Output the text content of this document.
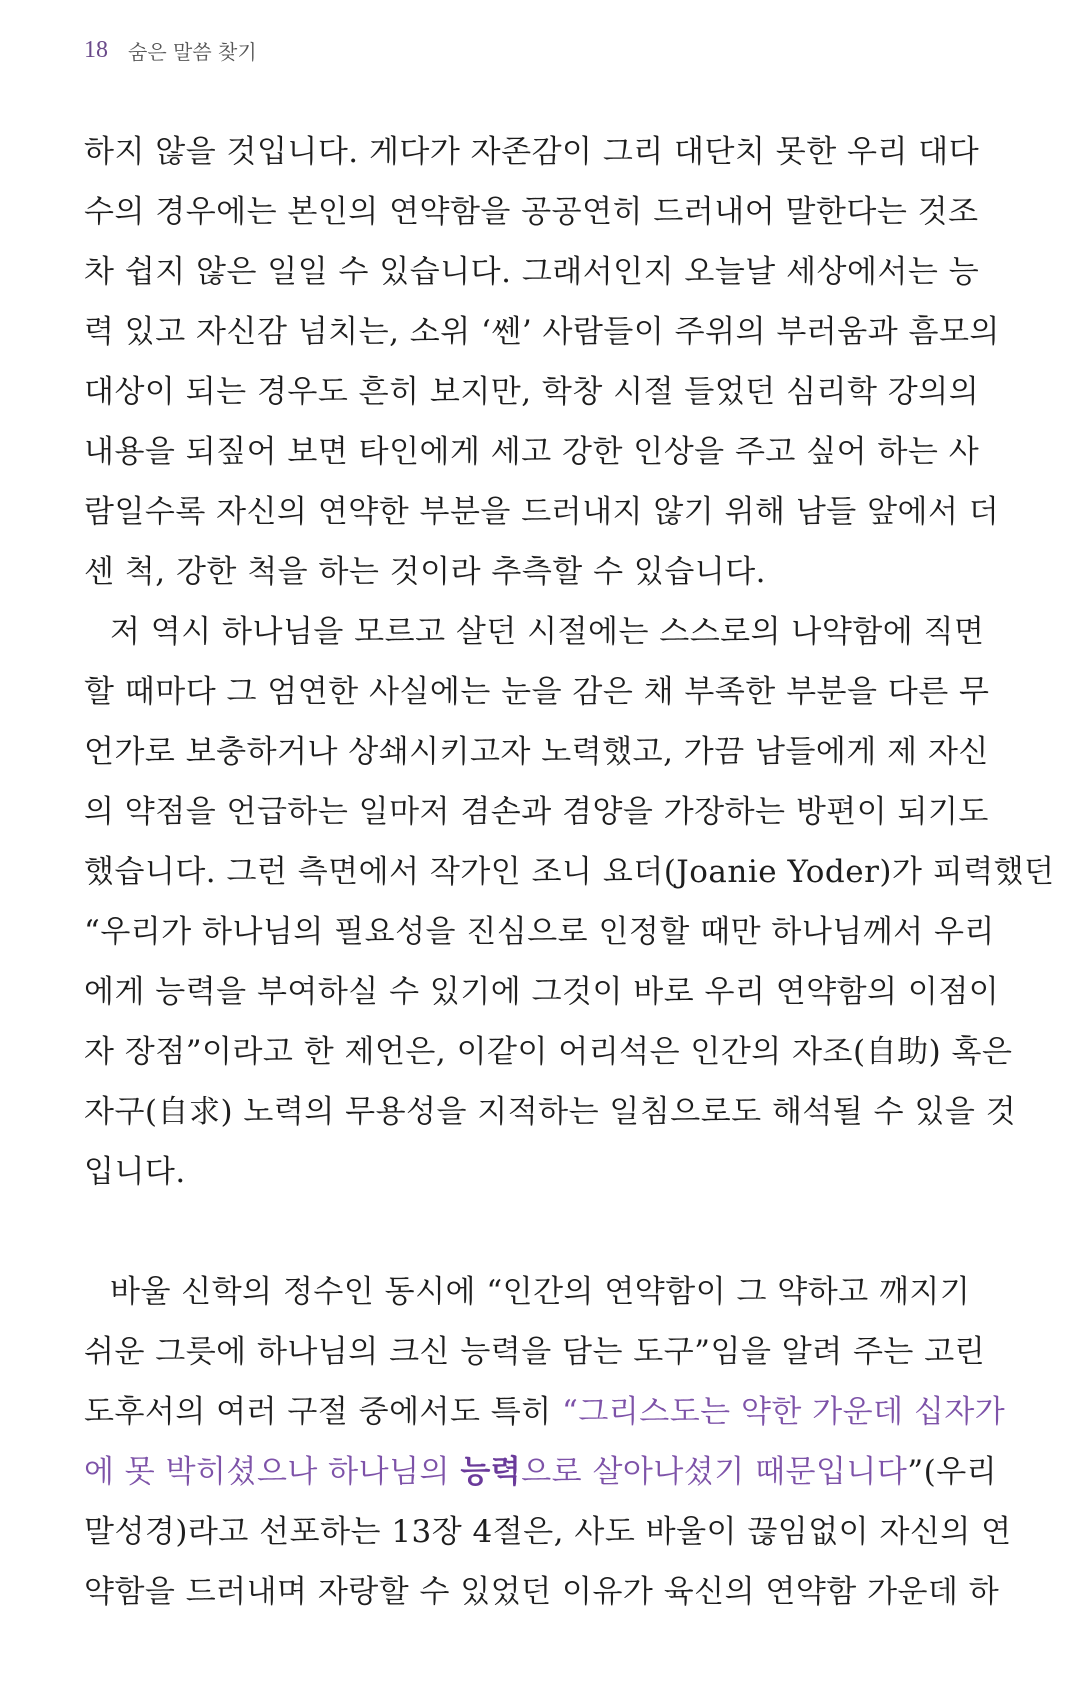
18 숨은 말씀 찾기
하지 않을 것입니다. 게다가 자존감이 그리 대단치 못한 우리 대다
수의 경우에는 본인의 연약함을 공공연히 드러내어 말한다는 것조
차 쉽지 않은 일일 수 있습니다. 그래서인지 오늘날 세상에서는 능
력 있고 자신감 넘치는, 소위 ‘쎈’ 사람들이 주위의 부러움과 흠모의
대상이 되는 경우도 흔히 보지만, 학창 시절 들었던 심리학 강의의
내용을 되짚어 보면 타인에게 세고 강한 인상을 주고 싶어 하는 사
람일수록 자신의 연약한 부분을 드러내지 않기 위해 남들 앞에서 더
센 척, 강한 척을 하는 것이라 추측할 수 있습니다.
저 역시 하나님을 모르고 살던 시절에는 스스로의 나약함에 직면
할 때마다 그 엄연한 사실에는 눈을 감은 채 부족한 부분을 다른 무
언가로 보충하거나 상쇄시키고자 노력했고, 가끔 남들에게 제 자신
의 약점을 언급하는 일마저 겸손과 겸양을 가장하는 방편이 되기도
했습니다. 그런 측면에서 작가인 조니 요더(Joanie Yoder)가 피력했던
“우리가 하나님의 필요성을 진심으로 인정할 때만 하나님께서 우리
에게 능력을 부여하실 수 있기에 그것이 바로 우리 연약함의 이점이
자 장점”이라고 한 제언은, 이같이 어리석은 인간의 자조(自助) 혹은
자구(自求) 노력의 무용성을 지적하는 일침으로도 해석될 수 있을 것
입니다.
바울 신학의 정수인 동시에 “인간의 연약함이 그 약하고 깨지기
쉬운 그릇에 하나님의 크신 능력을 담는 도구”임을 알려 주는 고린
도후서의 여러 구절 중에서도 특히 “그리스도는 약한 가운데 십자가
에 못 박히셨으나 하나님의 능력으로 살아나셨기 때문입니다”(우리
말성경)라고 선포하는 13장 4절은, 사도 바울이 끊임없이 자신의 연
약함을 드러내며 자랑할 수 있었던 이유가 육신의 연약함 가운데 하
